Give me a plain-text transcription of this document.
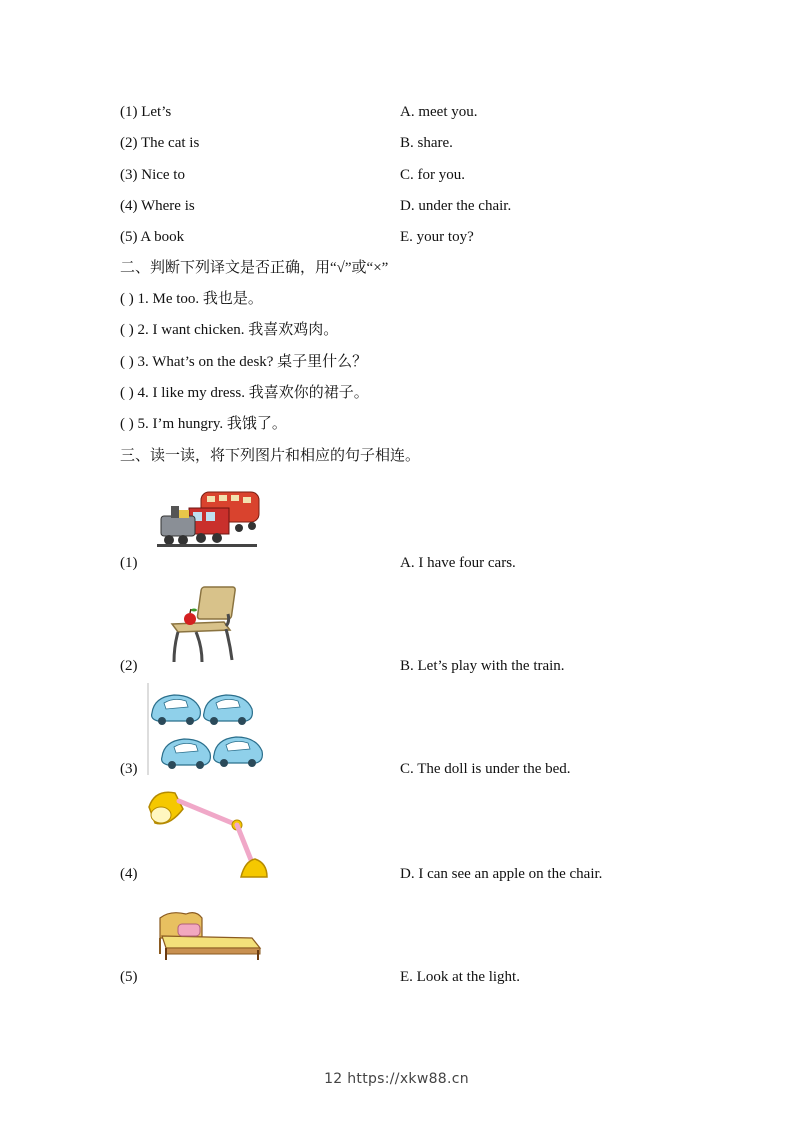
(1) Let’s	A. meet you.
(2) The cat is	B. share.
(3) Nice to	C. for you.
(4) Where is	D. under the chair.
(5) A book	E. your toy?
二、判断下列译文是否正确，用“√”或“×”
( ) 1. Me too. 我也是。
( ) 2. I want chicken. 我喜欢鸡肉。
( ) 3. What’s on the desk? 桌子里什么？
( ) 4. I like my dress. 我喜欢你的裙子。
( ) 5. I’m hungry. 我饿了。
三、读一读，将下列图片和相应的句子相连。
(1)	A. I have four cars.
(2)	B. Let’s play with the train.
(3)	C. The doll is under the bed.
(4)	D. I can see an apple on the chair.
(5)	E. Look at the light.
12 https://xkw88.cn
